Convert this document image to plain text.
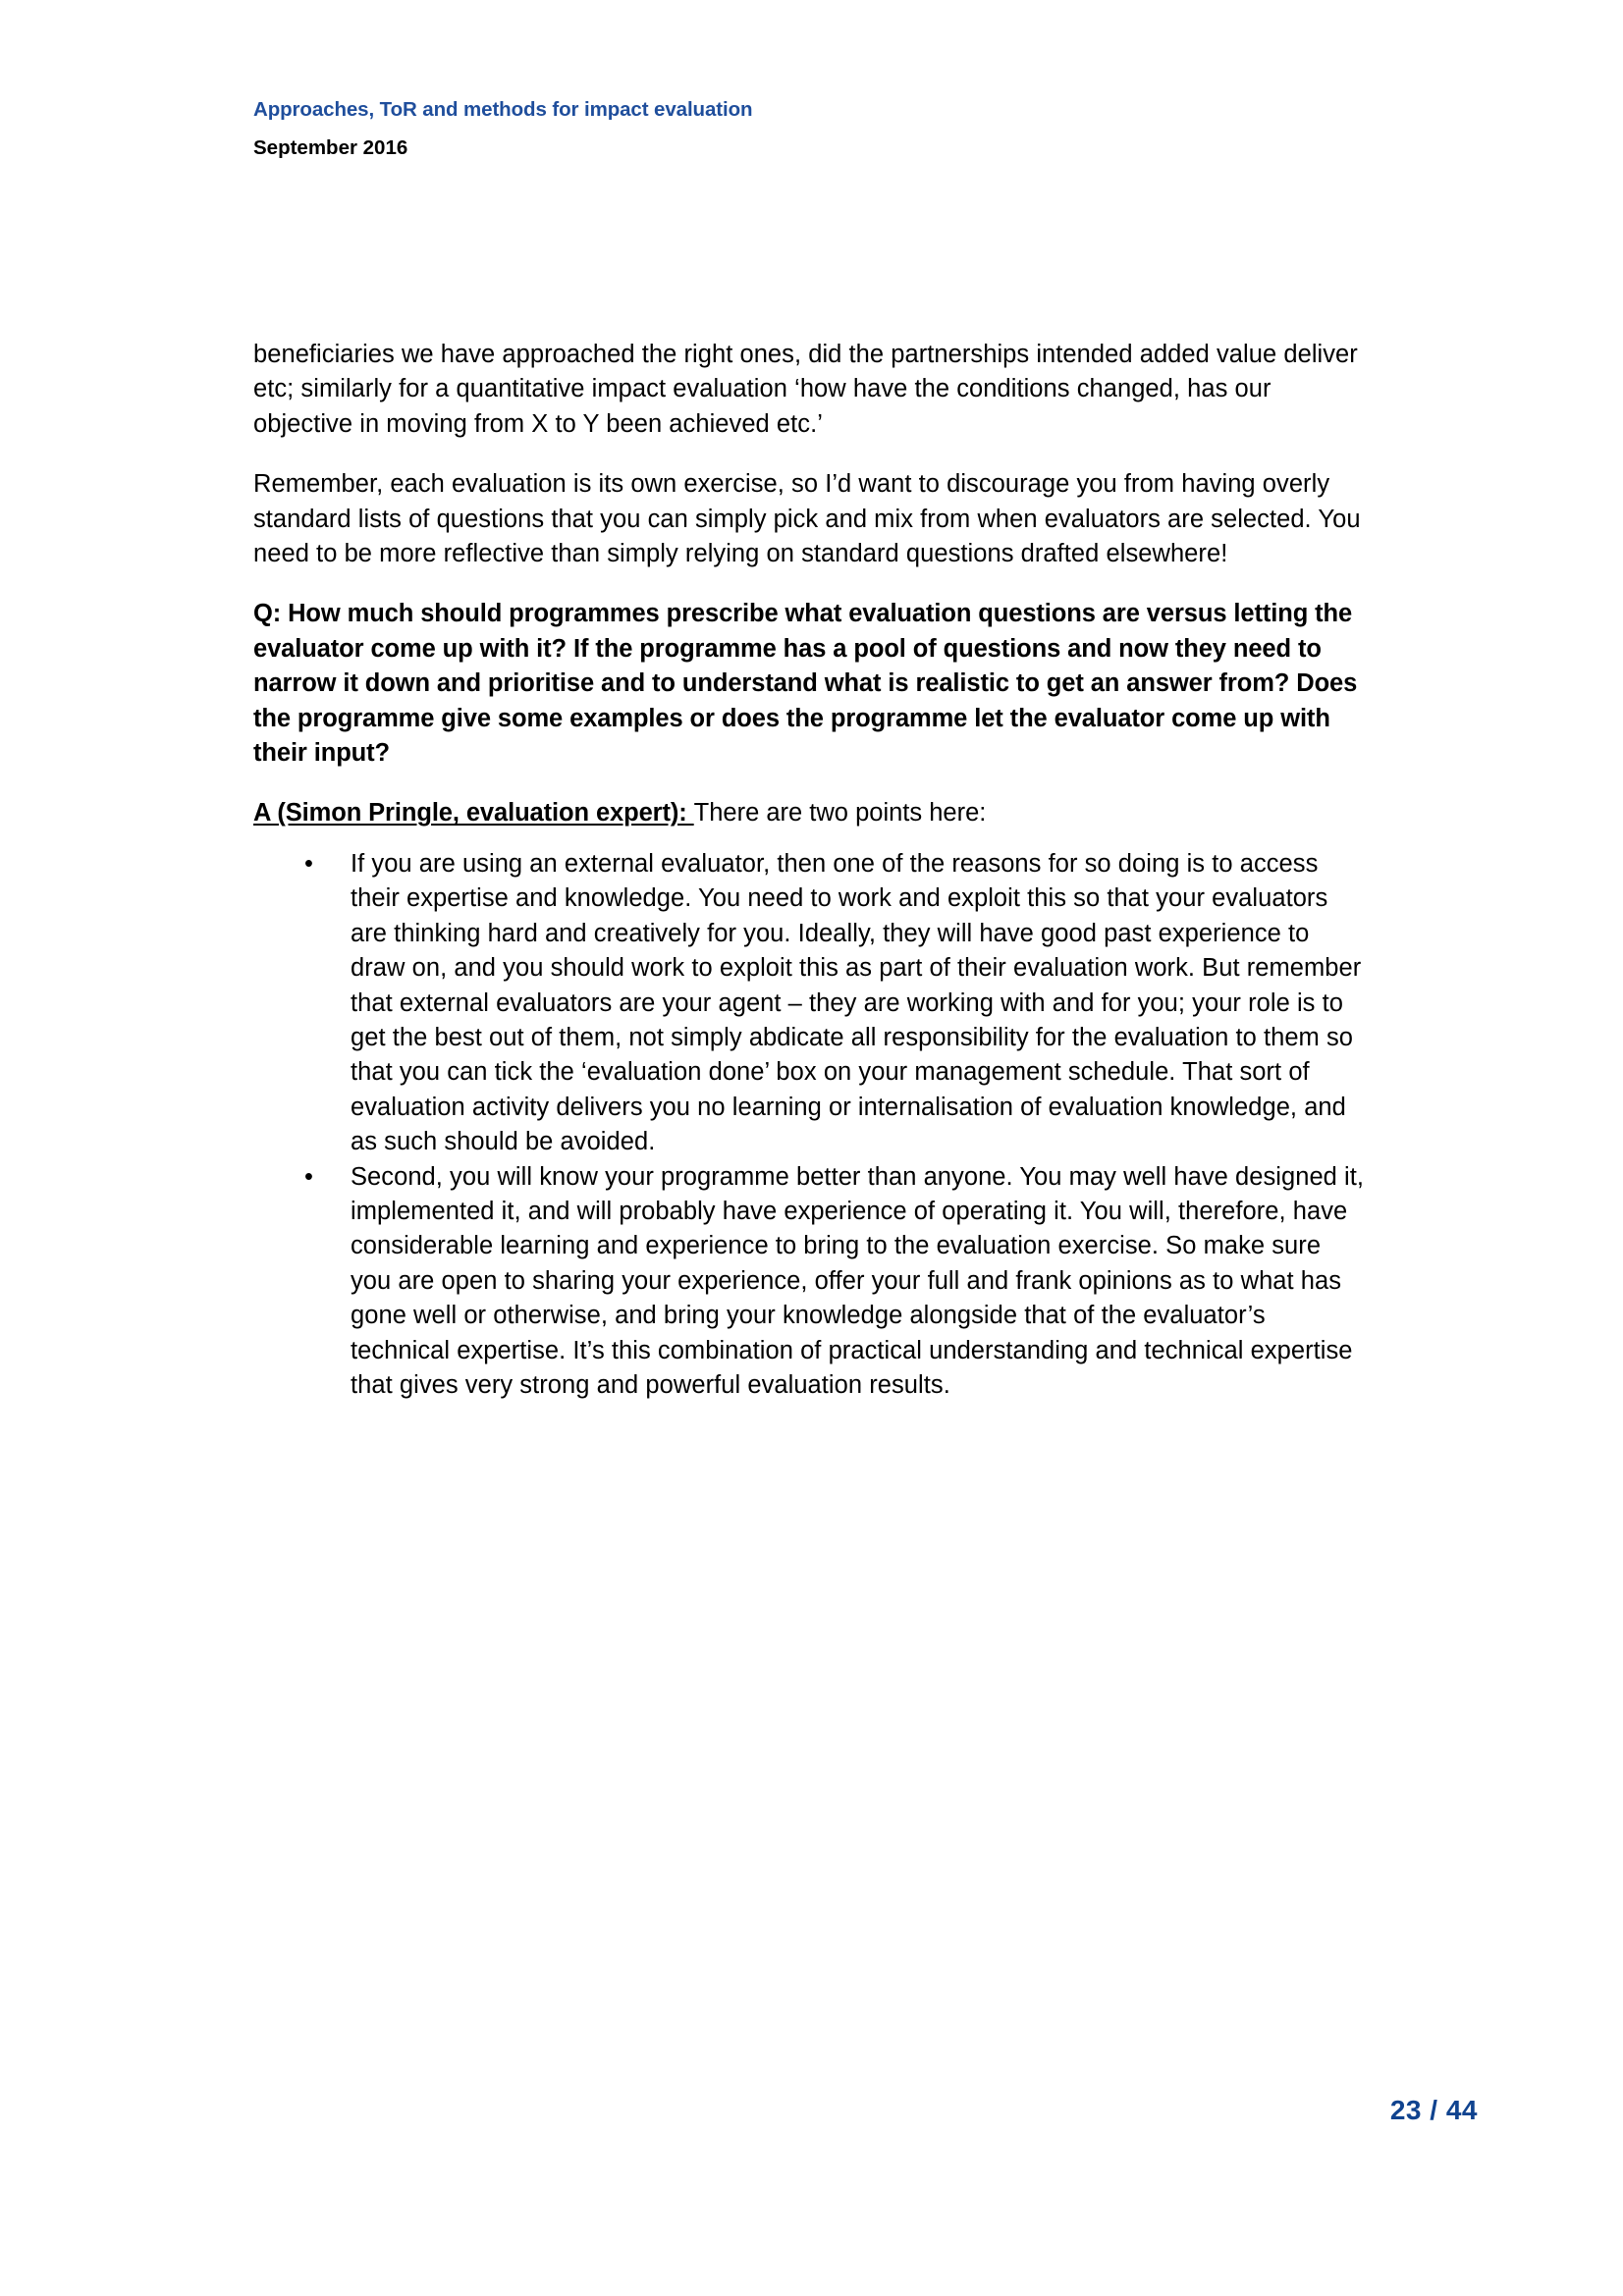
Approaches, ToR and methods for impact evaluation
September 2016

beneficiaries we have approached the right ones, did the partnerships intended added value deliver etc; similarly for a quantitative impact evaluation ‘how have the conditions changed, has our objective in moving from X to Y been achieved etc.’

Remember, each evaluation is its own exercise, so I’d want to discourage you from having overly standard lists of questions that you can simply pick and mix from when evaluators are selected. You need to be more reflective than simply relying on standard questions drafted elsewhere!

Q: How much should programmes prescribe what evaluation questions are versus letting the evaluator come up with it? If the programme has a pool of questions and now they need to narrow it down and prioritise and to understand what is realistic to get an answer from? Does the programme give some examples or does the programme let the evaluator come up with their input?

A (Simon Pringle, evaluation expert): There are two points here:

• If you are using an external evaluator, then one of the reasons for so doing is to access their expertise and knowledge. You need to work and exploit this so that your evaluators are thinking hard and creatively for you. Ideally, they will have good past experience to draw on, and you should work to exploit this as part of their evaluation work. But remember that external evaluators are your agent – they are working with and for you; your role is to get the best out of them, not simply abdicate all responsibility for the evaluation to them so that you can tick the ‘evaluation done’ box on your management schedule. That sort of evaluation activity delivers you no learning or internalisation of evaluation knowledge, and as such should be avoided.
• Second, you will know your programme better than anyone. You may well have designed it, implemented it, and will probably have experience of operating it. You will, therefore, have considerable learning and experience to bring to the evaluation exercise. So make sure you are open to sharing your experience, offer your full and frank opinions as to what has gone well or otherwise, and bring your knowledge alongside that of the evaluator’s technical expertise. It’s this combination of practical understanding and technical expertise that gives very strong and powerful evaluation results.
23 / 44
